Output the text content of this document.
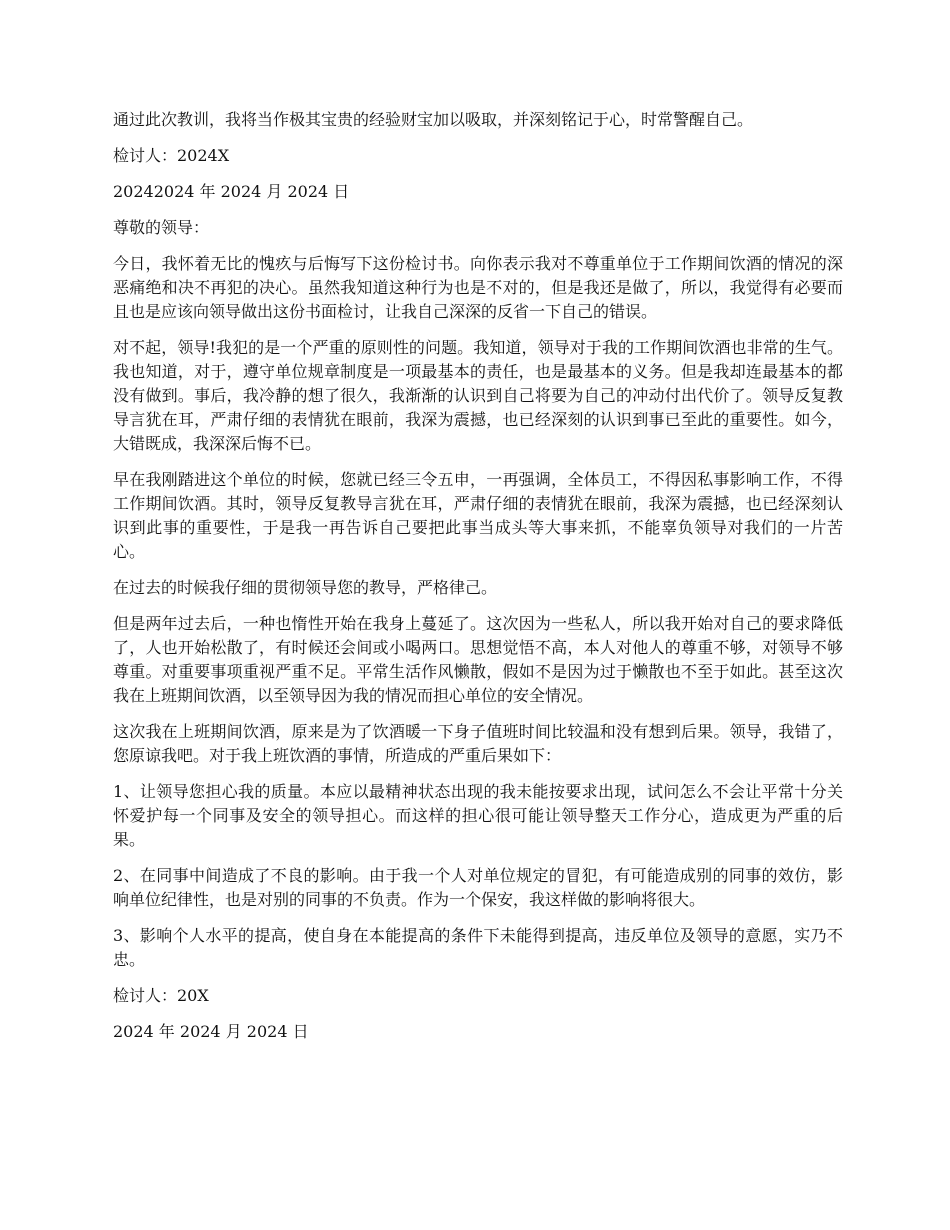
通过此次教训，我将当作极其宝贵的经验财宝加以吸取，并深刻铭记于心，时常警醒自己。

检讨人：2024X

20242024 年 2024 月 2024 日

尊敬的领导：

今日，我怀着无比的愧疚与后悔写下这份检讨书。向你表示我对不尊重单位于工作期间饮酒的情况的深恶痛绝和决不再犯的决心。虽然我知道这种行为也是不对的，但是我还是做了，所以，我觉得有必要而且也是应该向领导做出这份书面检讨，让我自己深深的反省一下自己的错误。

对不起，领导!我犯的是一个严重的原则性的问题。我知道，领导对于我的工作期间饮酒也非常的生气。我也知道，对于，遵守单位规章制度是一项最基本的责任，也是最基本的义务。但是我却连最基本的都没有做到。事后，我冷静的想了很久，我渐渐的认识到自己将要为自己的冲动付出代价了。领导反复教导言犹在耳，严肃仔细的表情犹在眼前，我深为震撼，也已经深刻的认识到事已至此的重要性。如今，大错既成，我深深后悔不已。

早在我刚踏进这个单位的时候，您就已经三令五申，一再强调，全体员工，不得因私事影响工作，不得工作期间饮酒。其时，领导反复教导言犹在耳，严肃仔细的表情犹在眼前，我深为震撼，也已经深刻认识到此事的重要性，于是我一再告诉自己要把此事当成头等大事来抓，不能辜负领导对我们的一片苦心。

在过去的时候我仔细的贯彻领导您的教导，严格律己。

但是两年过去后，一种也惰性开始在我身上蔓延了。这次因为一些私人，所以我开始对自己的要求降低了，人也开始松散了，有时候还会间或小喝两口。思想觉悟不高，本人对他人的尊重不够，对领导不够尊重。对重要事项重视严重不足。平常生活作风懒散，假如不是因为过于懒散也不至于如此。甚至这次我在上班期间饮酒，以至领导因为我的情况而担心单位的安全情况。

这次我在上班期间饮酒，原来是为了饮酒暖一下身子值班时间比较温和没有想到后果。领导，我错了，您原谅我吧。对于我上班饮酒的事情，所造成的严重后果如下：

1、让领导您担心我的质量。本应以最精神状态出现的我未能按要求出现，试问怎么不会让平常十分关怀爱护每一个同事及安全的领导担心。而这样的担心很可能让领导整天工作分心，造成更为严重的后果。

2、在同事中间造成了不良的影响。由于我一个人对单位规定的冒犯，有可能造成别的同事的效仿，影响单位纪律性，也是对别的同事的不负责。作为一个保安，我这样做的影响将很大。

3、影响个人水平的提高，使自身在本能提高的条件下未能得到提高，违反单位及领导的意愿，实乃不忠。

检讨人：20X

2024 年 2024 月 2024 日
